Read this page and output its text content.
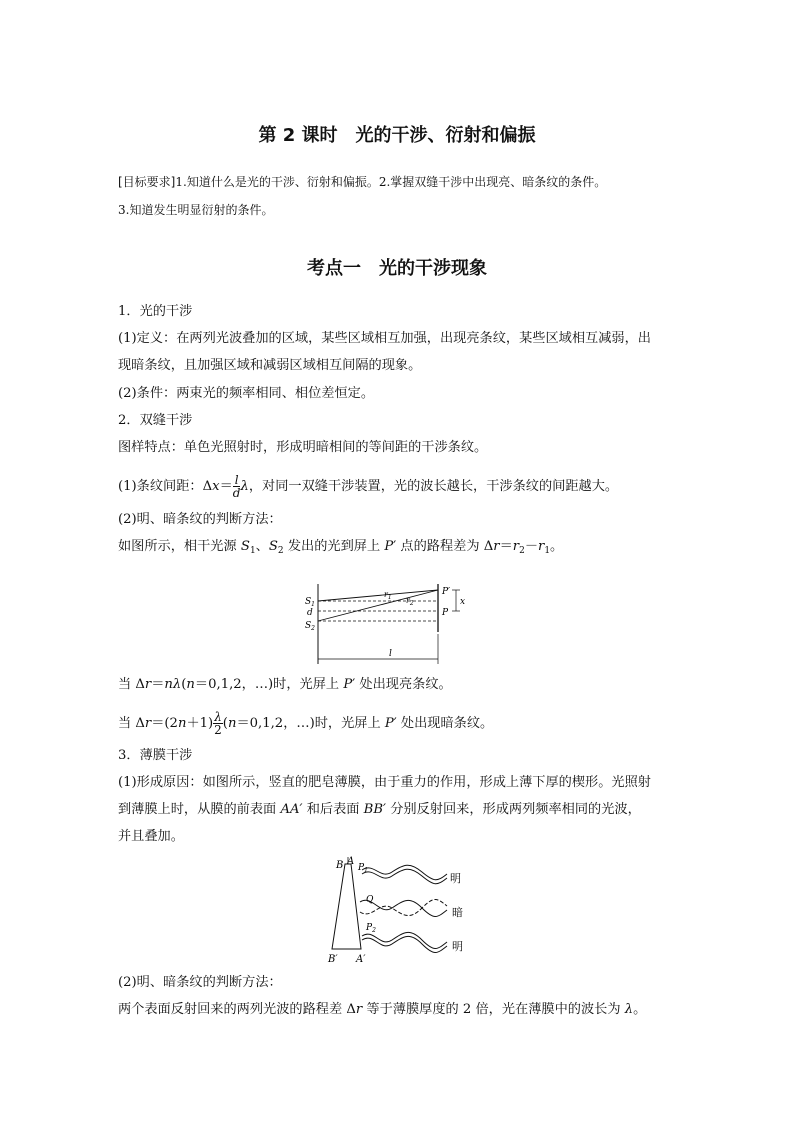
第 2 课时　光的干涉、衍射和偏振
[目标要求]1.知道什么是光的干涉、衍射和偏振。2.掌握双缝干涉中出现亮、暗条纹的条件。
3.知道发生明显衍射的条件。
考点一　光的干涉现象
1．光的干涉
(1)定义：在两列光波叠加的区域，某些区域相互加强，出现亮条纹，某些区域相互减弱，出
现暗条纹，且加强区域和减弱区域相互间隔的现象。
(2)条件：两束光的频率相同、相位差恒定。
2．双缝干涉
图样特点：单色光照射时，形成明暗相间的等间距的干涉条纹。
(1)条纹间距：$\Delta x= \frac{l}{d}$ λ，对同一双缝干涉装置，光的波长越长，干涉条纹的间距越大。
(2)明、暗条纹的判断方法：
如图所示，相干光源 $S_1$、$S_2$ 发出的光到屏上 P′ 点的路程差为 $\Delta r=r_2-r_1$。
$S_1$
d
$S_2$
$r_1$ $r_2$
P′
P
x
l
当 Δr＝nλ(n＝0,1,2，…)时，光屏上 P′ 处出现亮条纹。
当 $\Delta r=(2n+1) \frac{\lambda}{2} (n=0,1,2$，…)时，光屏上 P′ 处出现暗条纹。
3．薄膜干涉
(1)形成原因：如图所示，竖直的肥皂薄膜，由于重力的作用，形成上薄下厚的楔形。光照射
到薄膜上时，从膜的前表面 AA′ 和后表面 BB′ 分别反射回来，形成两列频率相同的光波，
并且叠加。
B A
$P_1$
Q
$P_2$
B′ A′
明
暗
明
(2)明、暗条纹的判断方法：
两个表面反射回来的两列光波的路程差 Δr 等于薄膜厚度的 2 倍，光在薄膜中的波长为 λ。
